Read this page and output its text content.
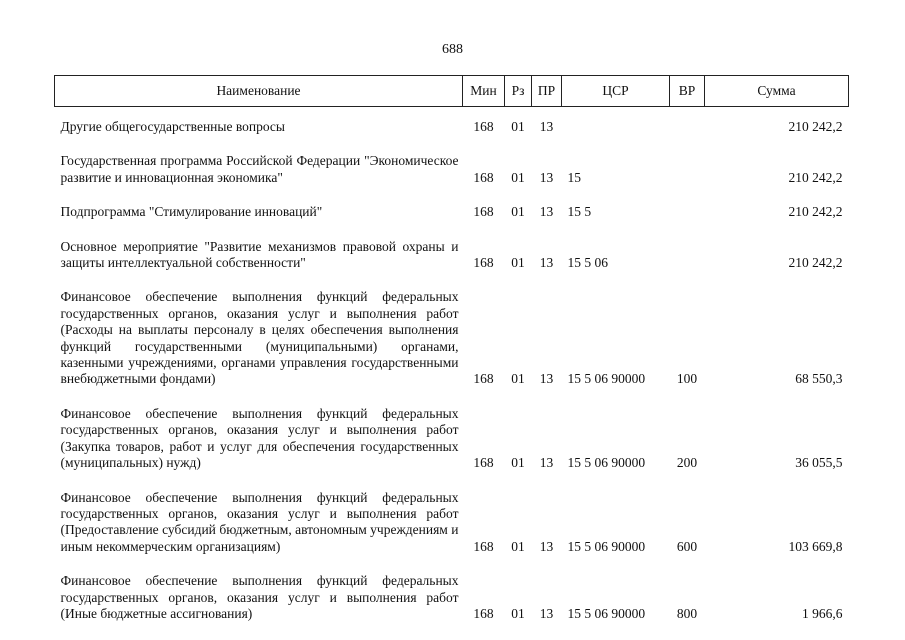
688
Наименование	Мин	Рз	ПР	ЦСР	ВР	Сумма
Другие общегосударственные вопросы	168	01	13			210 242,2
Государственная программа Российской Федерации "Экономическое развитие и инновационная экономика"	168	01	13	15		210 242,2
Подпрограмма "Стимулирование инноваций"	168	01	13	15 5		210 242,2
Основное мероприятие "Развитие механизмов правовой охраны и защиты интеллектуальной собственности"	168	01	13	15 5 06		210 242,2
Финансовое обеспечение выполнения функций федеральных государственных органов, оказания услуг и выполнения работ (Расходы на выплаты персоналу в целях обеспечения выполнения функций государственными (муниципальными) органами, казенными учреждениями, органами управления государственными внебюджетными фондами)	168	01	13	15 5 06 90000	100	68 550,3
Финансовое обеспечение выполнения функций федеральных государственных органов, оказания услуг и выполнения работ (Закупка товаров, работ и услуг для обеспечения государственных (муниципальных) нужд)	168	01	13	15 5 06 90000	200	36 055,5
Финансовое обеспечение выполнения функций федеральных государственных органов, оказания услуг и выполнения работ (Предоставление субсидий бюджетным, автономным учреждениям и иным некоммерческим организациям)	168	01	13	15 5 06 90000	600	103 669,8
Финансовое обеспечение выполнения функций федеральных государственных органов, оказания услуг и выполнения работ (Иные бюджетные ассигнования)	168	01	13	15 5 06 90000	800	1 966,6
